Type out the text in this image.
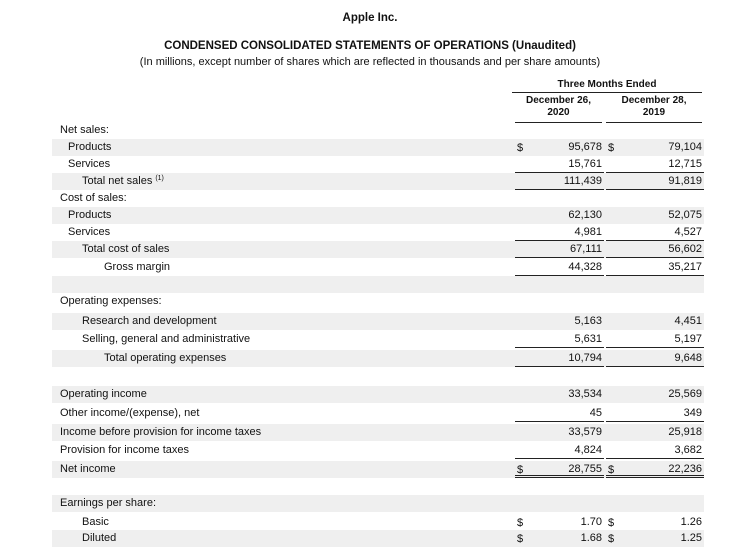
Apple Inc.
CONDENSED CONSOLIDATED STATEMENTS OF OPERATIONS (Unaudited)
(In millions, except number of shares which are reflected in thousands and per share amounts)
Three Months Ended
December 26,
2020
December 28,
2019
Net sales:
Products	$	95,678 $	79,104
Services	15,761	12,715
Total net sales $^{(1)}$	111,439	91,819
Cost of sales:
Products	62,130	52,075
Services	4,981	4,527
Total cost of sales	67,111	56,602
Gross margin	44,328	35,217
Operating expenses:
Research and development	5,163	4,451
Selling, general and administrative	5,631	5,197
Total operating expenses	10,794	9,648
Operating income	33,534	25,569
Other income/(expense), net	45	349
Income before provision for income taxes	33,579	25,918
Provision for income taxes	4,824	3,682
Net income	$	28,755 $	22,236
Earnings per share:
Basic	$	1.70 $	1.26
Diluted	$	1.68 $	1.25
